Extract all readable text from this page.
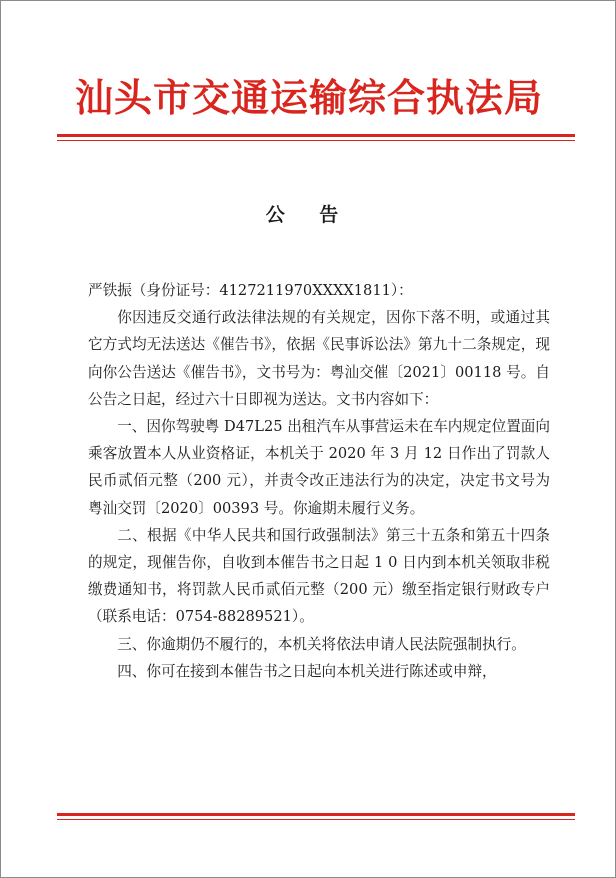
汕头市交通运输综合执法局
公 告

严铁振（身份证号：4127211970XXXX1811）：

你因违反交通行政法律法规的有关规定，因你下落不明，或通过其它方式均无法送达《催告书》，依据《民事诉讼法》第九十二条规定，现向你公告送达《催告书》，文书号为：粤汕交催〔2021〕00118 号。自公告之日起，经过六十日即视为送达。文书内容如下：

一、因你驾驶粤 D47L25 出租汽车从事营运未在车内规定位置面向乘客放置本人从业资格证，本机关于 2020 年 3 月 12 日作出了罚款人民币贰佰元整（200 元），并责令改正违法行为的决定，决定书文号为粤汕交罚〔2020〕00393 号。你逾期未履行义务。

二、根据《中华人民共和国行政强制法》第三十五条和第五十四条的规定，现催告你，自收到本催告书之日起 1 0 日内到本机关领取非税缴费通知书，将罚款人民币贰佰元整（200 元）缴至指定银行财政专户（联系电话：0754-88289521）。

三、你逾期仍不履行的，本机关将依法申请人民法院强制执行。

四、你可在接到本催告书之日起向本机关进行陈述或申辩，
